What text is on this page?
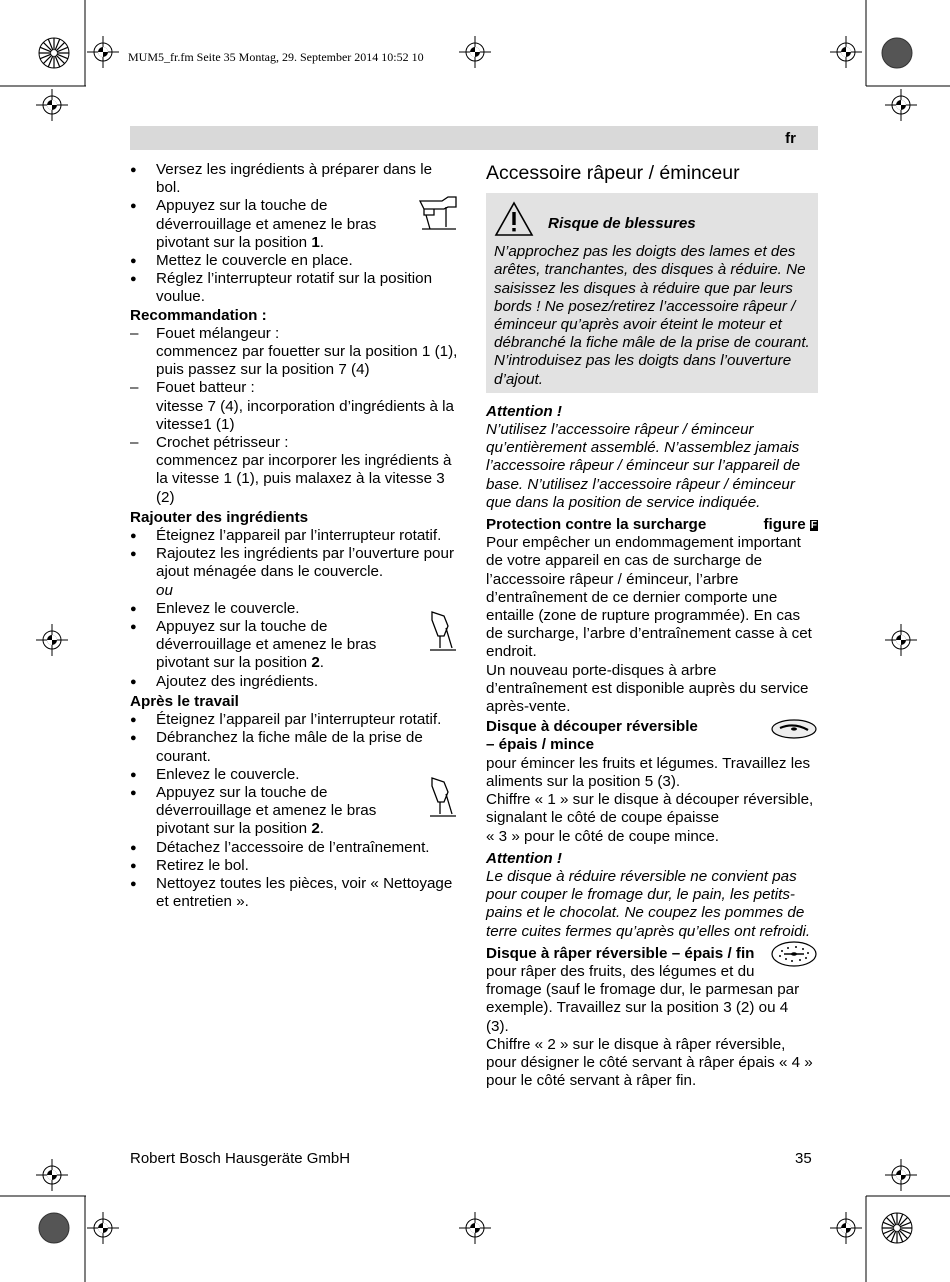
MUM5_fr.fm Seite 35 Montag, 29. September 2014 10:52 10
fr
● Versez les ingrédients à préparer dans le bol.
● Appuyez sur la touche de déverrouillage et amenez le bras pivotant sur la position 1.
● Mettez le couvercle en place.
● Réglez l’interrupteur rotatif sur la position voulue.
Recommandation :
– Fouet mélangeur :
commencez par fouetter sur la position 1 (1), puis passez sur la position 7 (4)
– Fouet batteur :
vitesse 7 (4), incorporation d’ingrédients à la vitesse1 (1)
– Crochet pétrisseur :
commencez par incorporer les ingrédients à la vitesse 1 (1), puis malaxez à la vitesse 3 (2)
Rajouter des ingrédients
● Éteignez l’appareil par l’interrupteur rotatif.
● Rajoutez les ingrédients par l’ouverture pour ajout ménagée dans le couvercle.
ou
● Enlevez le couvercle.
● Appuyez sur la touche de déverrouillage et amenez le bras pivotant sur la position 2.
● Ajoutez des ingrédients.
Après le travail
● Éteignez l’appareil par l’interrupteur rotatif.
● Débranchez la fiche mâle de la prise de courant.
● Enlevez le couvercle.
● Appuyez sur la touche de déverrouillage et amenez le bras pivotant sur la position 2.
● Détachez l’accessoire de l’entraînement.
● Retirez le bol.
● Nettoyez toutes les pièces, voir « Nettoyage et entretien ».
Accessoire râpeur / éminceur
Risque de blessures
N’approchez pas les doigts des lames et des arêtes, tranchantes, des disques à réduire. Ne saisissez les disques à réduire que par leurs bords ! Ne posez/retirez l’accessoire râpeur / éminceur qu’après avoir éteint le moteur et débranché la fiche mâle de la prise de courant. N’introduisez pas les doigts dans l’ouverture d’ajout.
Attention !
N’utilisez l’accessoire râpeur / éminceur qu’entièrement assemblé. N’assemblez jamais l’accessoire râpeur / éminceur sur l’appareil de base. N’utilisez l’accessoire râpeur / éminceur que dans la position de service indiquée.
Protection contre la surcharge	figure F
Pour empêcher un endommagement important de votre appareil en cas de surcharge de l’accessoire râpeur / éminceur, l’arbre d’entraînement de ce dernier comporte une entaille (zone de rupture programmée). En cas de surcharge, l’arbre d’entraînement casse à cet endroit.
Un nouveau porte-disques à arbre d’entraînement est disponible auprès du service après-vente.
Disque à découper réversible – épais / mince
pour émincer les fruits et légumes. Travaillez les aliments sur la position 5 (3).
Chiffre « 1 » sur le disque à découper réversible, signalant le côté de coupe épaisse
« 3 » pour le côté de coupe mince.
Attention !
Le disque à réduire réversible ne convient pas pour couper le fromage dur, le pain, les petits-pains et le chocolat. Ne coupez les pommes de terre cuites fermes qu’après qu’elles ont refroidi.
Disque à râper réversible – épais / fin
pour râper des fruits, des légumes et du fromage (sauf le fromage dur, le parmesan par exemple). Travaillez sur la position 3 (2) ou 4 (3).
Chiffre « 2 » sur le disque à râper réversible, pour désigner le côté servant à râper épais « 4 » pour le côté servant à râper fin.
Robert Bosch Hausgeräte GmbH	35
